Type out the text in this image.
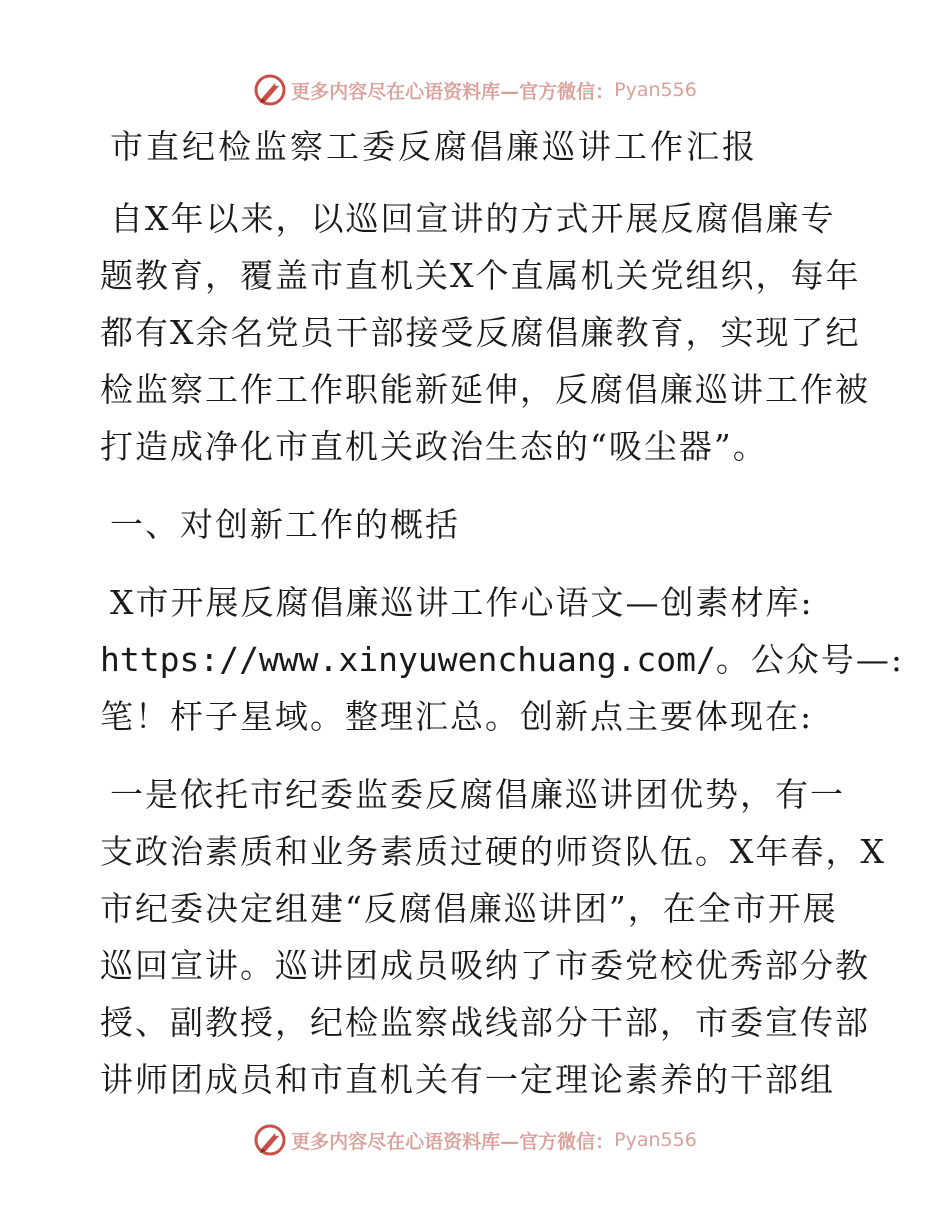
更多内容尽在心语资料库—官方微信： Pyan556
市直纪检监察工委反腐倡廉巡讲工作汇报

自X年以来，以巡回宣讲的方式开展反腐倡廉专

题教育，覆盖市直机关X个直属机关党组织，每年

都有X余名党员干部接受反腐倡廉教育，实现了纪

检监察工作工作职能新延伸，反腐倡廉巡讲工作被

打造成净化市直机关政治生态的“吸尘器”。

一、对创新工作的概括

X市开展反腐倡廉巡讲工作心语文—创素材库:

https://www.xinyuwenchuang.com/。公众号—:

笔！杆子星域。整理汇总。创新点主要体现在:

一是依托市纪委监委反腐倡廉巡讲团优势，有一

支政治素质和业务素质过硬的师资队伍。X年春，X

市纪委决定组建“反腐倡廉巡讲团”，在全市开展

巡回宣讲。巡讲团成员吸纳了市委党校优秀部分教

授、副教授，纪检监察战线部分干部，市委宣传部

讲师团成员和市直机关有一定理论素养的干部组

更多内容尽在心语资料库—官方微信： Pyan556
